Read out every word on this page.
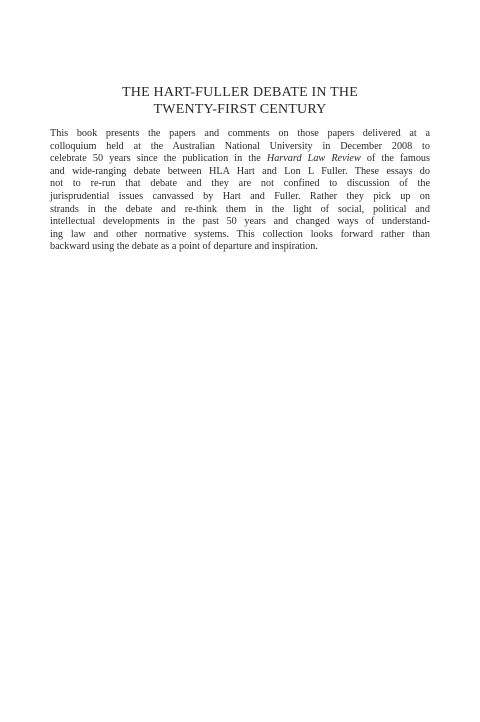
THE HART-FULLER DEBATE IN THE
TWENTY-FIRST CENTURY
This book presents the papers and comments on those papers delivered at a
colloquium held at the Australian National University in December 2008 to
celebrate 50 years since the publication in the Harvard Law Review of the famous
and wide-ranging debate between HLA Hart and Lon L Fuller. These essays do
not to re-run that debate and they are not confined to discussion of the
jurisprudential issues canvassed by Hart and Fuller. Rather they pick up on
strands in the debate and re-think them in the light of social, political and
intellectual developments in the past 50 years and changed ways of understand-
ing law and other normative systems. This collection looks forward rather than
backward using the debate as a point of departure and inspiration.
